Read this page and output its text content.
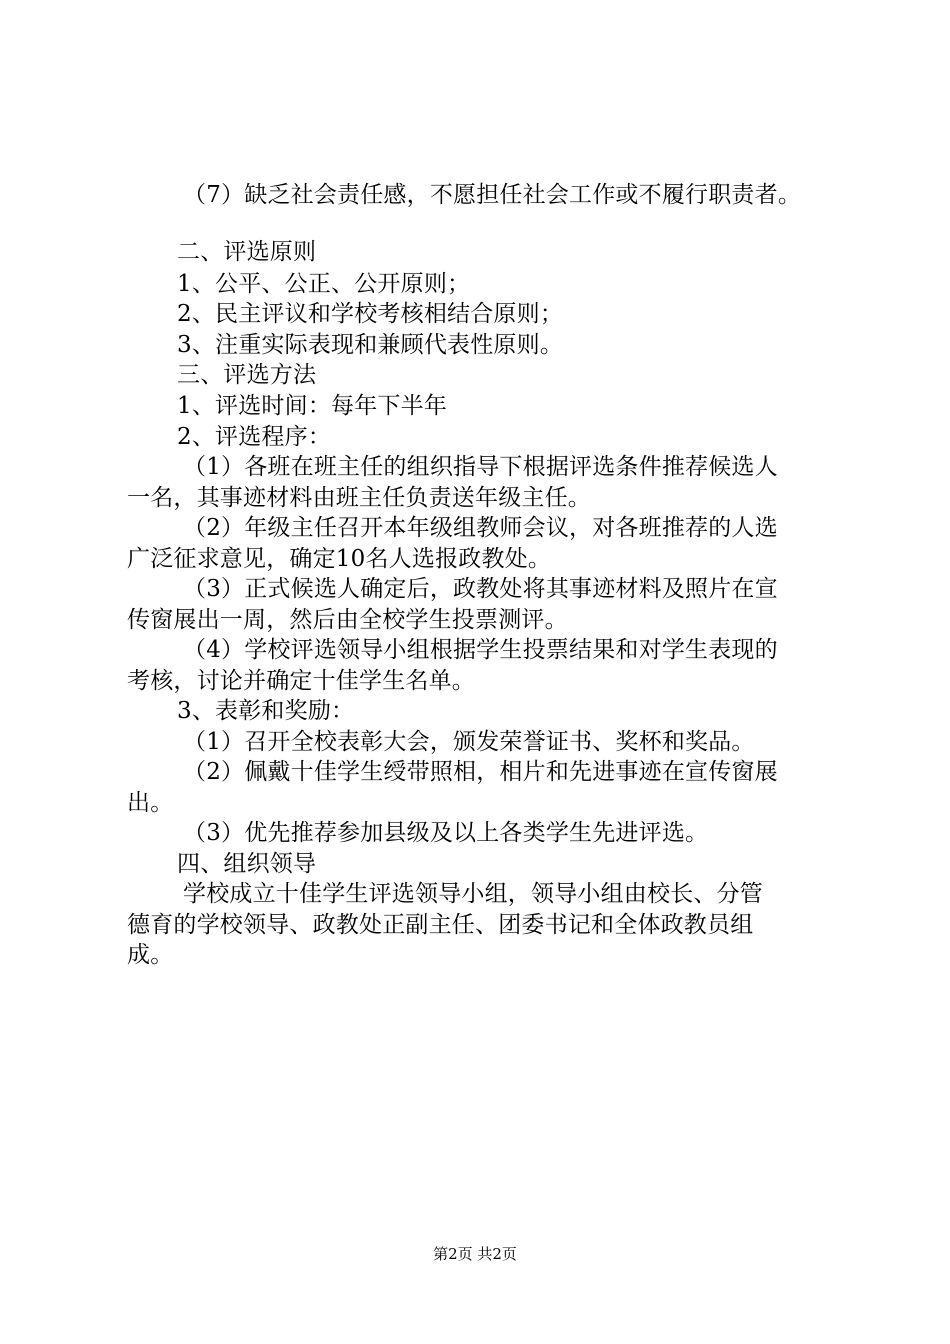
（7）缺乏社会责任感，不愿担任社会工作或不履行职责者。
二、评选原则
1、公平、公正、公开原则；
2、民主评议和学校考核相结合原则；
3、注重实际表现和兼顾代表性原则。
三、评选方法
1、评选时间：每年下半年
2、评选程序：
（1）各班在班主任的组织指导下根据评选条件推荐候选人
一名，其事迹材料由班主任负责送年级主任。
（2）年级主任召开本年级组教师会议，对各班推荐的人选
广泛征求意见，确定10名人选报政教处。
（3）正式候选人确定后，政教处将其事迹材料及照片在宣
传窗展出一周，然后由全校学生投票测评。
（4）学校评选领导小组根据学生投票结果和对学生表现的
考核，讨论并确定十佳学生名单。
3、表彰和奖励：
（1）召开全校表彰大会，颁发荣誉证书、奖杯和奖品。
（2）佩戴十佳学生绶带照相，相片和先进事迹在宣传窗展
出。
（3）优先推荐参加县级及以上各类学生先进评选。
四、组织领导
学校成立十佳学生评选领导小组，领导小组由校长、分管
德育的学校领导、政教处正副主任、团委书记和全体政教员组
成。
第2页 共2页
